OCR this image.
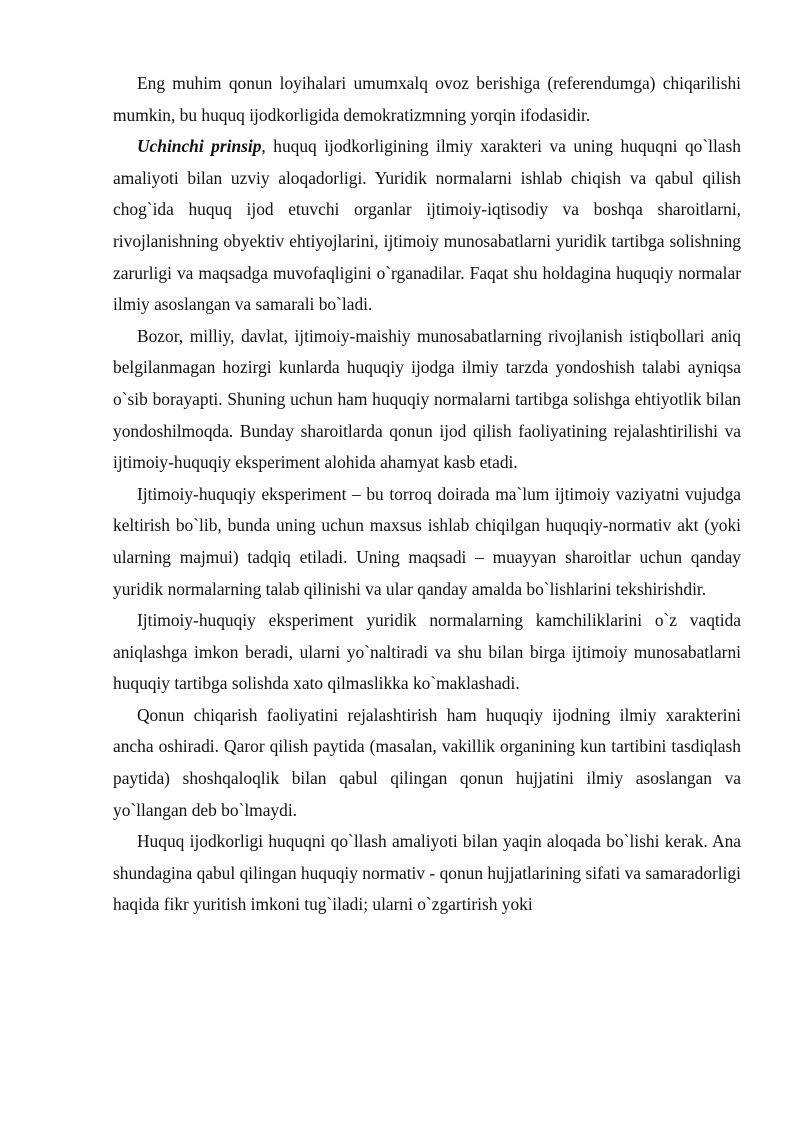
Eng muhim qonun loyihalari umumxalq ovoz berishiga (referendumga) chiqarilishi mumkin, bu huquq ijodkorligida demokratizmning yorqin ifodasidir.

Uchinchi prinsip, huquq ijodkorligining ilmiy xarakteri va uning huquqni qo`llash amaliyoti bilan uzviy aloqadorligi. Yuridik normalarni ishlab chiqish va qabul qilish chog`ida huquq ijod etuvchi organlar ijtimoiy-iqtisodiy va boshqa sharoitlarni, rivojlanishning obyektiv ehtiyojlarini, ijtimoiy munosabatlarni yuridik tartibga solishning zarurligi va maqsadga muvofaqligini o`rganadilar. Faqat shu holdagina huquqiy normalar ilmiy asoslangan va samarali bo`ladi.

Bozor, milliy, davlat, ijtimoiy-maishiy munosabatlarning rivojlanish istiqbollari aniq belgilanmagan hozirgi kunlarda huquqiy ijodga ilmiy tarzda yondoshish talabi ayniqsa o`sib borayapti. Shuning uchun ham huquqiy normalarni tartibga solishga ehtiyotlik bilan yondoshilmoqda. Bunday sharoitlarda qonun ijod qilish faoliyatining rejalashtirilishi va ijtimoiy-huquqiy eksperiment alohida ahamyat kasb etadi.

Ijtimoiy-huquqiy eksperiment – bu torroq doirada ma`lum ijtimoiy vaziyatni vujudga keltirish bo`lib, bunda uning uchun maxsus ishlab chiqilgan huquqiy-normativ akt (yoki ularning majmui) tadqiq etiladi. Uning maqsadi – muayyan sharoitlar uchun qanday yuridik normalarning talab qilinishi va ular qanday amalda bo`lishlarini tekshirishdir.

Ijtimoiy-huquqiy eksperiment yuridik normalarning kamchiliklarini o`z vaqtida aniqlashga imkon beradi, ularni yo`naltiradi va shu bilan birga ijtimoiy munosabatlarni huquqiy tartibga solishda xato qilmaslikka ko`maklashadi.

Qonun chiqarish faoliyatini rejalashtirish ham huquqiy ijodning ilmiy xarakterini ancha oshiradi. Qaror qilish paytida (masalan, vakillik organining kun tartibini tasdiqlash paytida) shoshqaloqlik bilan qabul qilingan qonun hujjatini ilmiy asoslangan va yo`llangan deb bo`lmaydi.

Huquq ijodkorligi huquqni qo`llash amaliyoti bilan yaqin aloqada bo`lishi kerak. Ana shundagina qabul qilingan huquqiy normativ - qonun hujjatlarining sifati va samaradorligi haqida fikr yuritish imkoni tug`iladi; ularni o`zgartirish yoki
